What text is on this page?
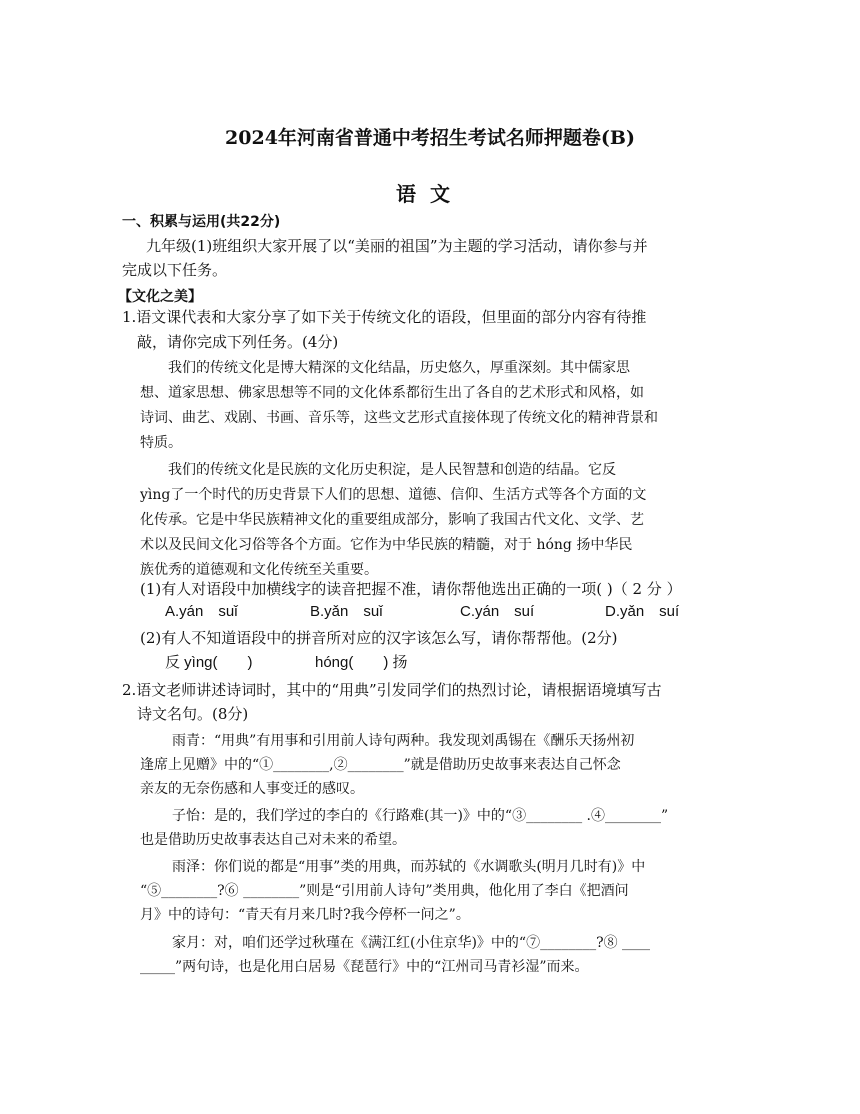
2024年河南省普通中考招生考试名师押题卷(B)
语文
一、积累与运用(共22分)
九年级(1)班组织大家开展了以“美丽的祖国”为主题的学习活动，请你参与并
完成以下任务。
【文化之美】
1.语文课代表和大家分享了如下关于传统文化的语段，但里面的部分内容有待推
敲，请你完成下列任务。(4分)
我们的传统文化是博大精深的文化结晶，历史悠久，厚重深刻。其中儒家思
想、道家思想、佛家思想等不同的文化体系都衍生出了各自的艺术形式和风格，如
诗词、曲艺、戏剧、书画、音乐等，这些文艺形式直接体现了传统文化的精神背景和
特质。
我们的传统文化是民族的文化历史积淀，是人民智慧和创造的结晶。它反
yìng了一个时代的历史背景下人们的思想、道德、信仰、生活方式等各个方面的文
化传承。它是中华民族精神文化的重要组成部分，影响了我国古代文化、文学、艺
术以及民间文化习俗等各个方面。它作为中华民族的精髓，对于 hóng 扬中华民
族优秀的道德观和文化传统至关重要。
(1)有人对语段中加横线字的读音把握不准，请你帮他选出正确的一项( )（ 2 分 ）
A.yán　suǐ	B.yǎn　suǐ	C.yán　suí	D.yǎn　suí
(2)有人不知道语段中的拼音所对应的汉字该怎么写，请你帮帮他。(2分)
反 yìng(　　)	hóng(　　) 扬
2.语文老师讲述诗词时，其中的“用典”引发同学们的热烈讨论，请根据语境填写古
诗文名句。(8分)
雨青：“用典”有用事和引用前人诗句两种。我发现刘禹锡在《酬乐天扬州初
逢席上见赠》中的“①________,②________”就是借助历史故事来表达自己怀念
亲友的无奈伤感和人事变迁的感叹。
子怡：是的，我们学过的李白的《行路难(其一)》中的“③________ .④________”
也是借助历史故事表达自己对未来的希望。
雨泽：你们说的都是“用事”类的用典，而苏轼的《水调歌头(明月几时有)》中
“⑤________?⑥ ________”则是“引用前人诗句”类用典，他化用了李白《把酒问
月》中的诗句：“青天有月来几时?我今停杯一问之”。
家月：对，咱们还学过秋瑾在《满江红(小住京华)》中的“⑦________?⑧ ____
_____”两句诗，也是化用白居易《琵琶行》中的“江州司马青衫湿”而来。
